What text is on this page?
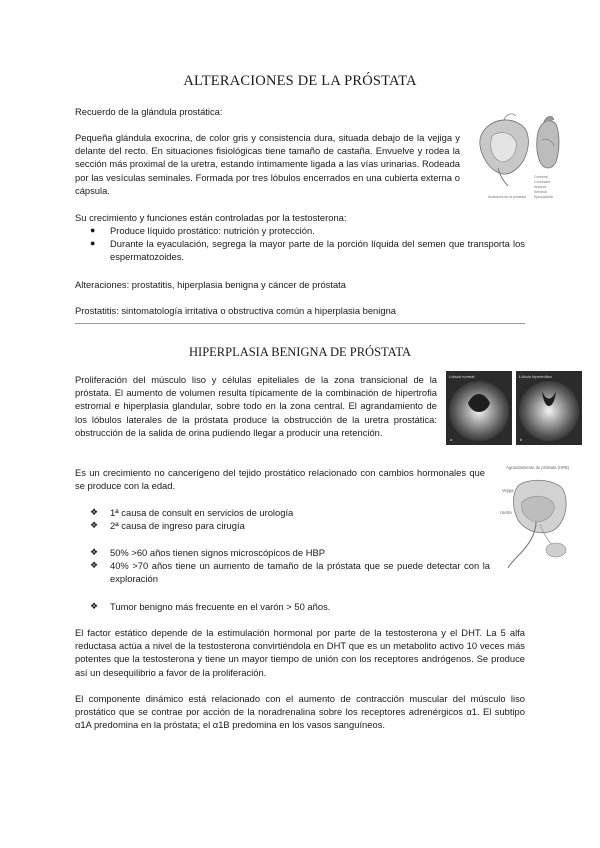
ALTERACIONES DE LA PRÓSTATA

Recuerdo de la glándula prostática:

Pequeña glándula exocrina, de color gris y consistencia dura, situada debajo de la vejiga y delante del recto. En situaciones fisiológicas tiene tamaño de castaña. Envuelve y rodea la sección más proximal de la uretra, estando íntimamente ligada a las vías urinarias. Rodeada por las vesículas seminales. Formada por tres lóbulos encerrados en una cubierta externa o cápsula.

Cerebral
Conductor
Anterior
Seminal
Ejaculatoria
Anatomía de la próstata

Su crecimiento y funciones están controladas por la testosterona:

● Produce líquido prostático: nutrición y protección.
● Durante la eyaculación, segrega la mayor parte de la porción líquida del semen que transporta los espermatozoides.

Alteraciones: prostatitis, hiperplasia benigna y cáncer de próstata

Prostatitis: sintomatología irritativa o obstructiva común a hiperplasia benigna

HIPERPLASIA BENIGNA DE PRÓSTATA

Proliferación del músculo liso y células epiteliales de la zona transicional de la próstata. El aumento de volumen resulta típicamente de la combinación de hipertrofia estromal e hiperplasia glandular, sobre todo en la zona central. El agrandamiento de los lóbulos laterales de la próstata produce la obstrucción de la uretra prostática: obstrucción de la salida de orina pudiendo llegar a producir una retención.

Lóbulo normal	Lóbulo hipertrófico
a	b

Es un crecimiento no cancerígeno del tejido prostático relacionado con cambios hormonales que se produce con la edad.

❖ 1ª causa de consult en servicios de urología
❖ 2ª causa de ingreso para cirugía
❖ 50% >60 años tienen signos microscópicos de HBP
❖ 40% >70 años tiene un aumento de tamaño de la próstata que se puede detectar con la exploración
❖ Tumor benigno más frecuente en el varón > 50 años.
Agrandamiento de próstata (HPB)
Vejiga
Uretra

El factor estático depende de la estimulación hormonal por parte de la testosterona y el DHT. La 5 alfa reductasa actúa a nivel de la testosterona convirtiéndola en DHT que es un metabolito activo 10 veces más potentes que la testosterona y tiene un mayor tiempo de unión con los receptores andrógenos. Se produce así un desequilibrio a favor de la proliferación.

El componente dinámico está relacionado con el aumento de contracción muscular del músculo liso prostático que se contrae por acción de la noradrenalina sobre los receptores adrenérgicos α1. El subtipo α1A predomina en la próstata; el α1B predomina en los vasos sanguíneos.
